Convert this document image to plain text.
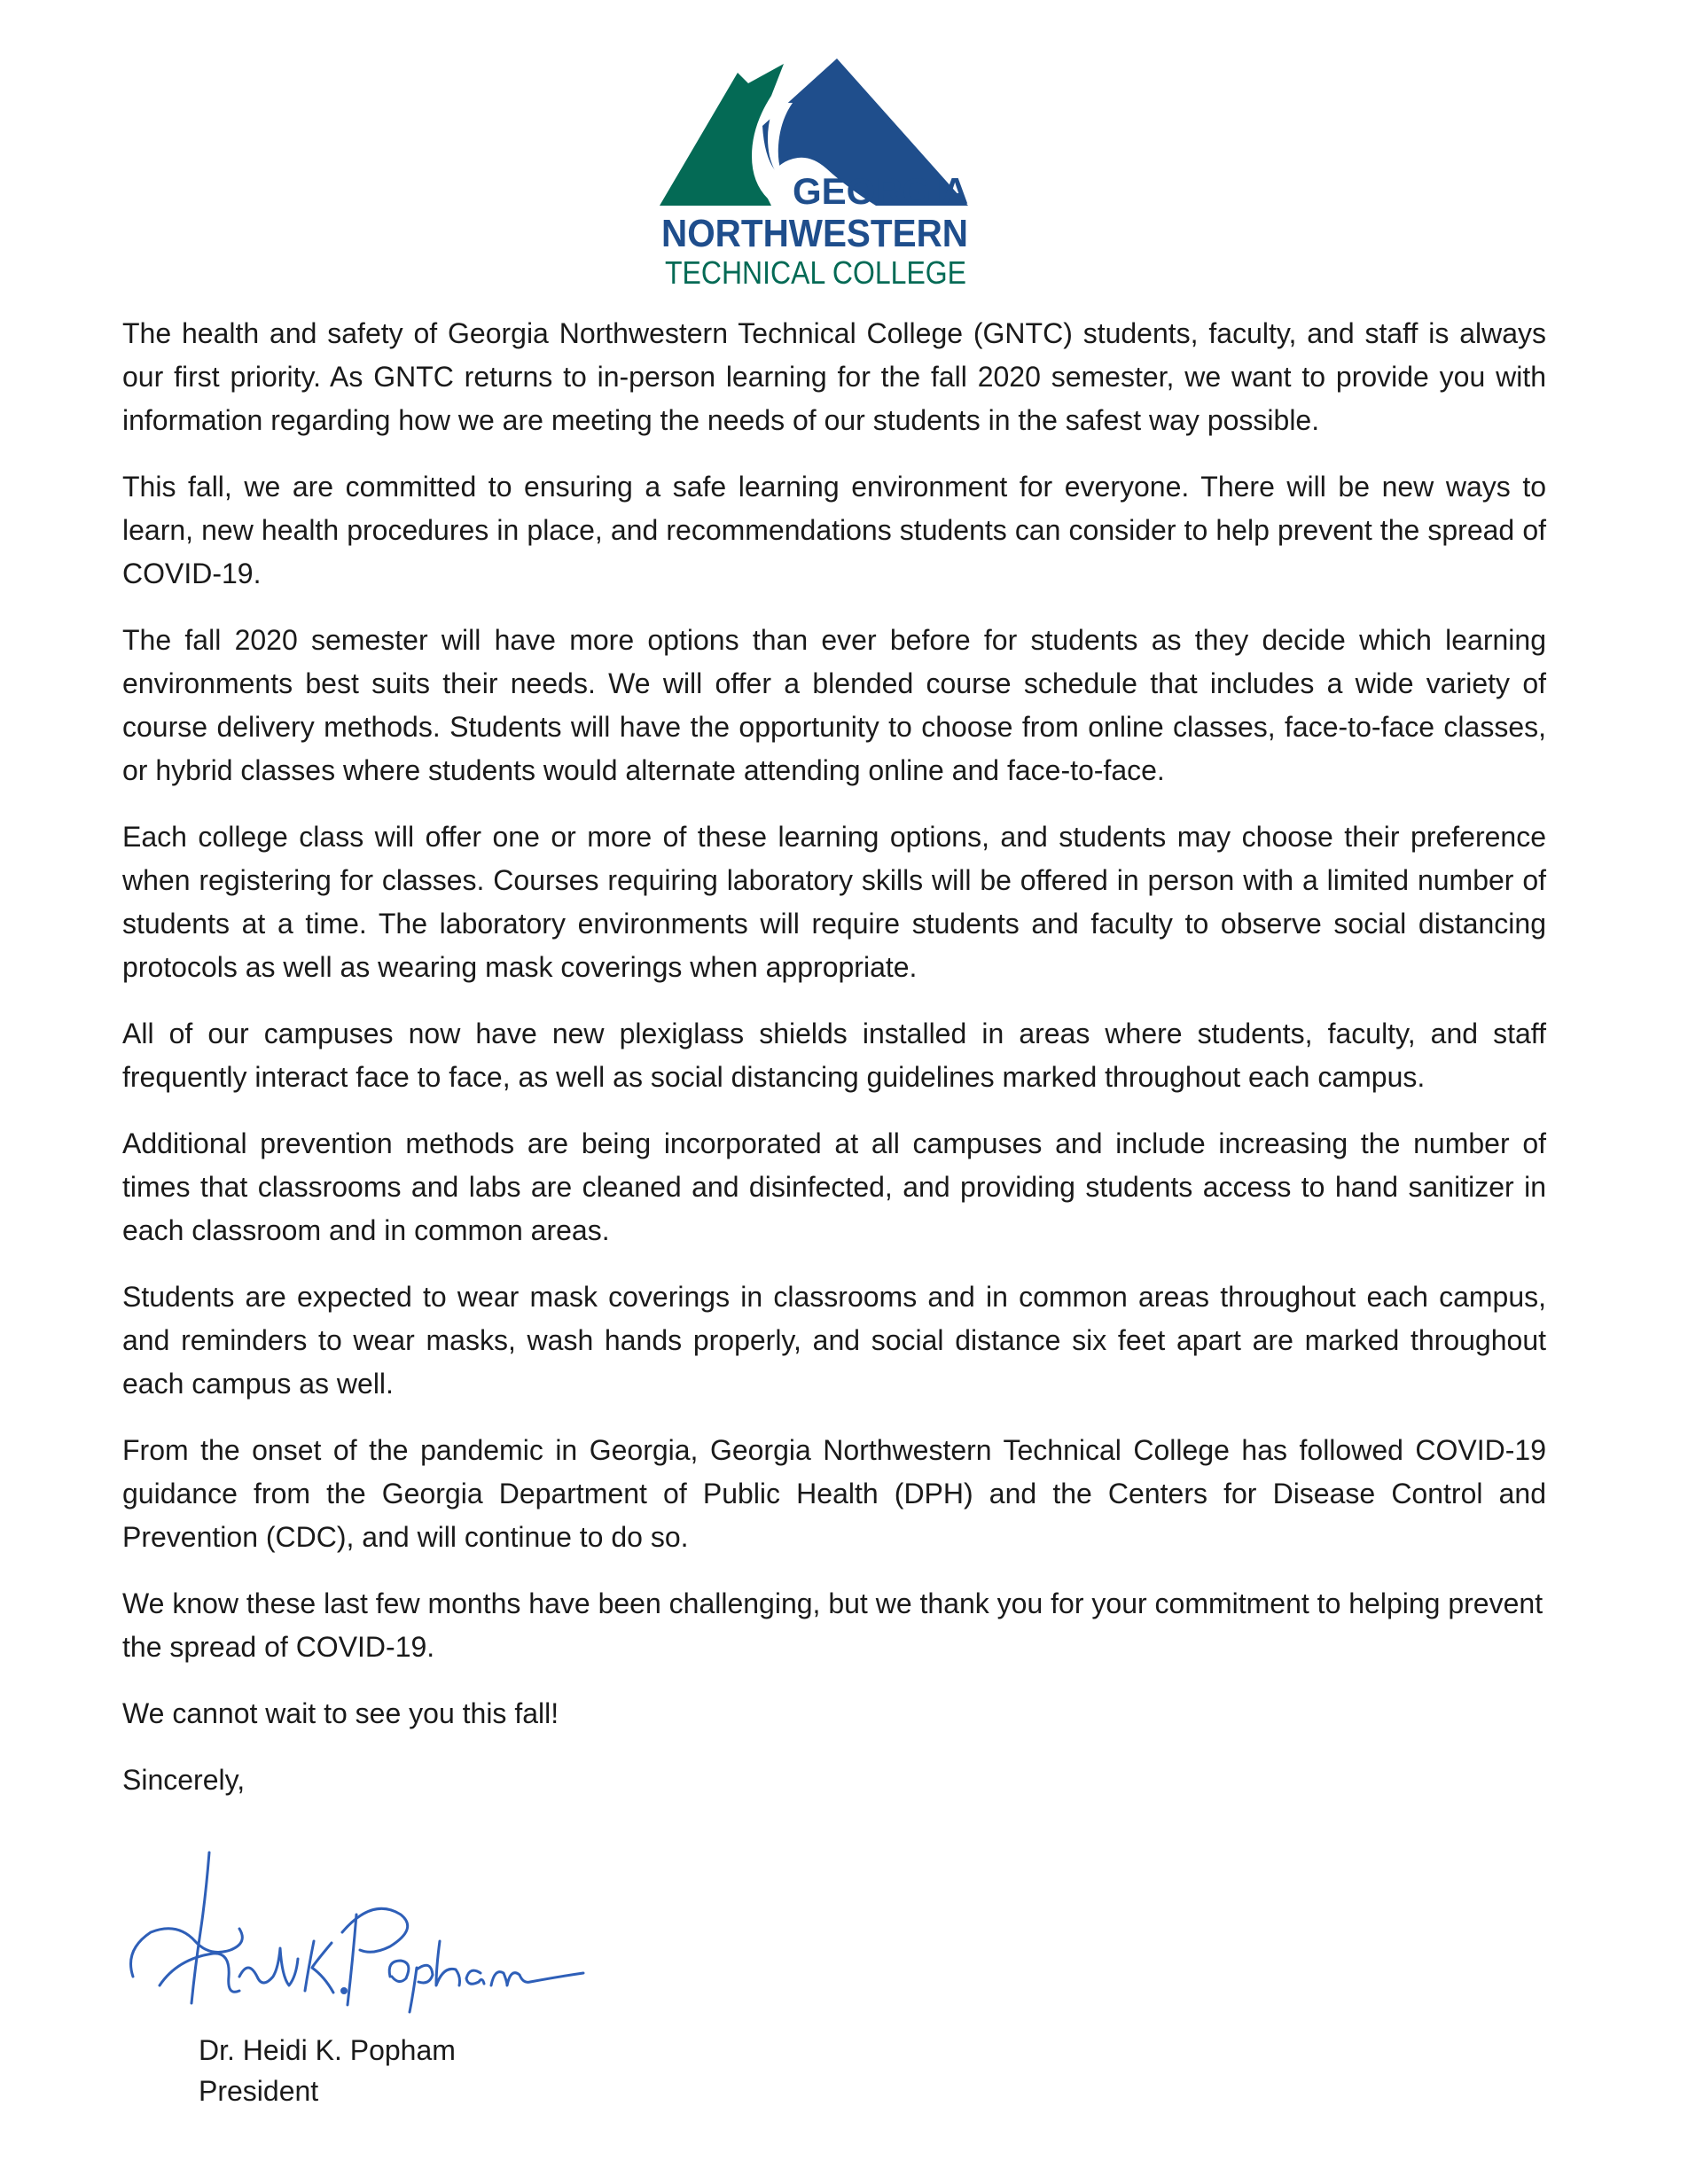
GEORGIA
NORTHWESTERN
TECHNICAL COLLEGE

The health and safety of Georgia Northwestern Technical College (GNTC) students, faculty, and staff is always our first priority. As GNTC returns to in-person learning for the fall 2020 semester, we want to provide you with information regarding how we are meeting the needs of our students in the safest way possible.

This fall, we are committed to ensuring a safe learning environment for everyone. There will be new ways to learn, new health procedures in place, and recommendations students can consider to help prevent the spread of COVID-19.

The fall 2020 semester will have more options than ever before for students as they decide which learning environments best suits their needs. We will offer a blended course schedule that includes a wide variety of course delivery methods. Students will have the opportunity to choose from online classes, face-to-face classes, or hybrid classes where students would alternate attending online and face-to-face.

Each college class will offer one or more of these learning options, and students may choose their preference when registering for classes. Courses requiring laboratory skills will be offered in person with a limited number of students at a time. The laboratory environments will require students and faculty to observe social distancing protocols as well as wearing mask coverings when appropriate.

All of our campuses now have new plexiglass shields installed in areas where students, faculty, and staff frequently interact face to face, as well as social distancing guidelines marked throughout each campus.

Additional prevention methods are being incorporated at all campuses and include increasing the number of times that classrooms and labs are cleaned and disinfected, and providing students access to hand sanitizer in each classroom and in common areas.

Students are expected to wear mask coverings in classrooms and in common areas throughout each campus, and reminders to wear masks, wash hands properly, and social distance six feet apart are marked throughout each campus as well.

From the onset of the pandemic in Georgia, Georgia Northwestern Technical College has followed COVID-19 guidance from the Georgia Department of Public Health (DPH) and the Centers for Disease Control and Prevention (CDC), and will continue to do so.

We know these last few months have been challenging, but we thank you for your commitment to helping prevent the spread of COVID-19.

We cannot wait to see you this fall!

Sincerely,

Dr. Heidi K. Popham
President
